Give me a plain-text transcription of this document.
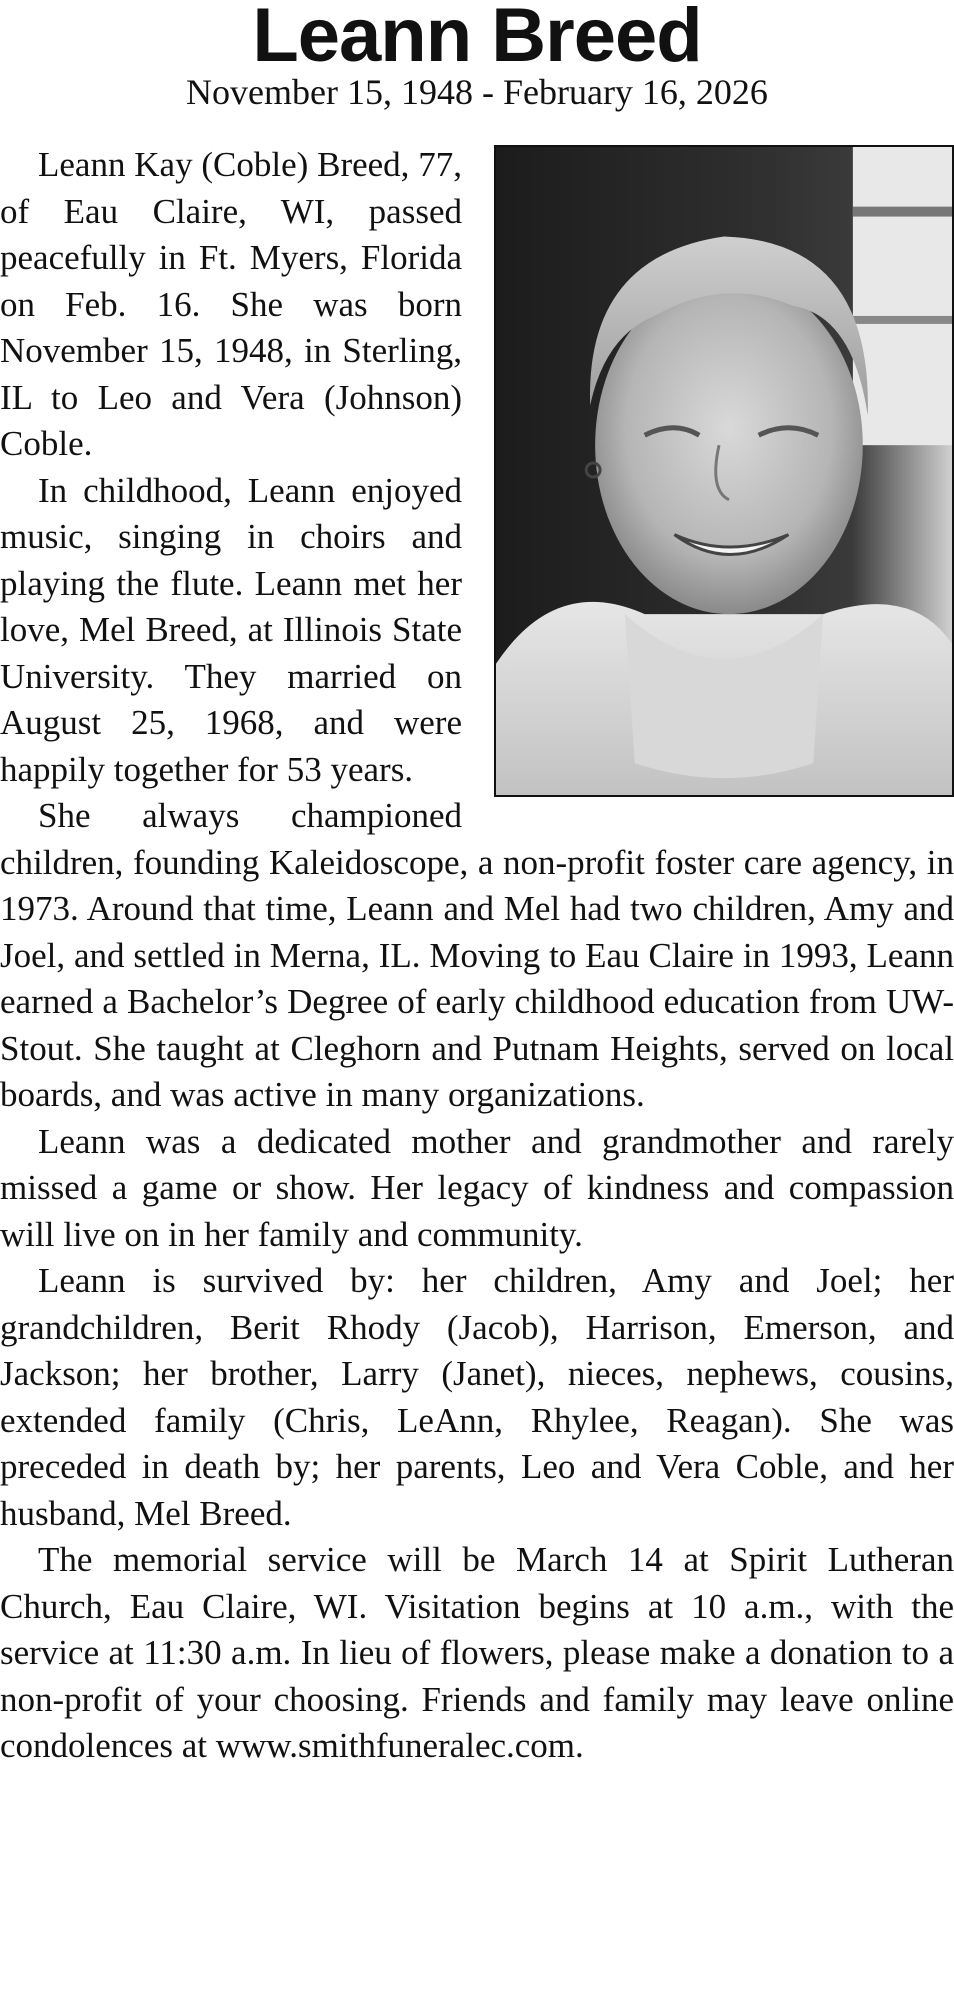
Leann Breed
November 15, 1948 - February 16, 2026

Leann Kay (Coble) Breed, 77, of Eau Claire, WI, passed peacefully in Ft. Myers, Florida on Feb. 16. She was born November 15, 1948, in Sterling, IL to Leo and Vera (Johnson) Coble.

In childhood, Leann enjoyed music, singing in choirs and playing the flute. Leann met her love, Mel Breed, at Illinois State University. They married on August 25, 1968, and were happily together for 53 years.

She always championed children, founding Kaleidoscope, a non-profit foster care agency, in 1973. Around that time, Leann and Mel had two children, Amy and Joel, and settled in Merna, IL. Moving to Eau Claire in 1993, Leann earned a Bachelor’s Degree of early childhood education from UW-Stout. She taught at Cleghorn and Putnam Heights, served on local boards, and was active in many organizations.

Leann was a dedicated mother and grandmother and rarely missed a game or show. Her legacy of kindness and compassion will live on in her family and community.

Leann is survived by: her children, Amy and Joel; her grandchildren, Berit Rhody (Jacob), Harrison, Emerson, and Jackson; her brother, Larry (Janet), nieces, nephews, cousins, extended family (Chris, LeAnn, Rhylee, Reagan). She was preceded in death by; her parents, Leo and Vera Coble, and her husband, Mel Breed.

The memorial service will be March 14 at Spirit Lutheran Church, Eau Claire, WI. Visitation begins at 10 a.m., with the service at 11:30 a.m. In lieu of flowers, please make a donation to a non-profit of your choosing. Friends and family may leave online condolences at www.smithfuneralec.com.
